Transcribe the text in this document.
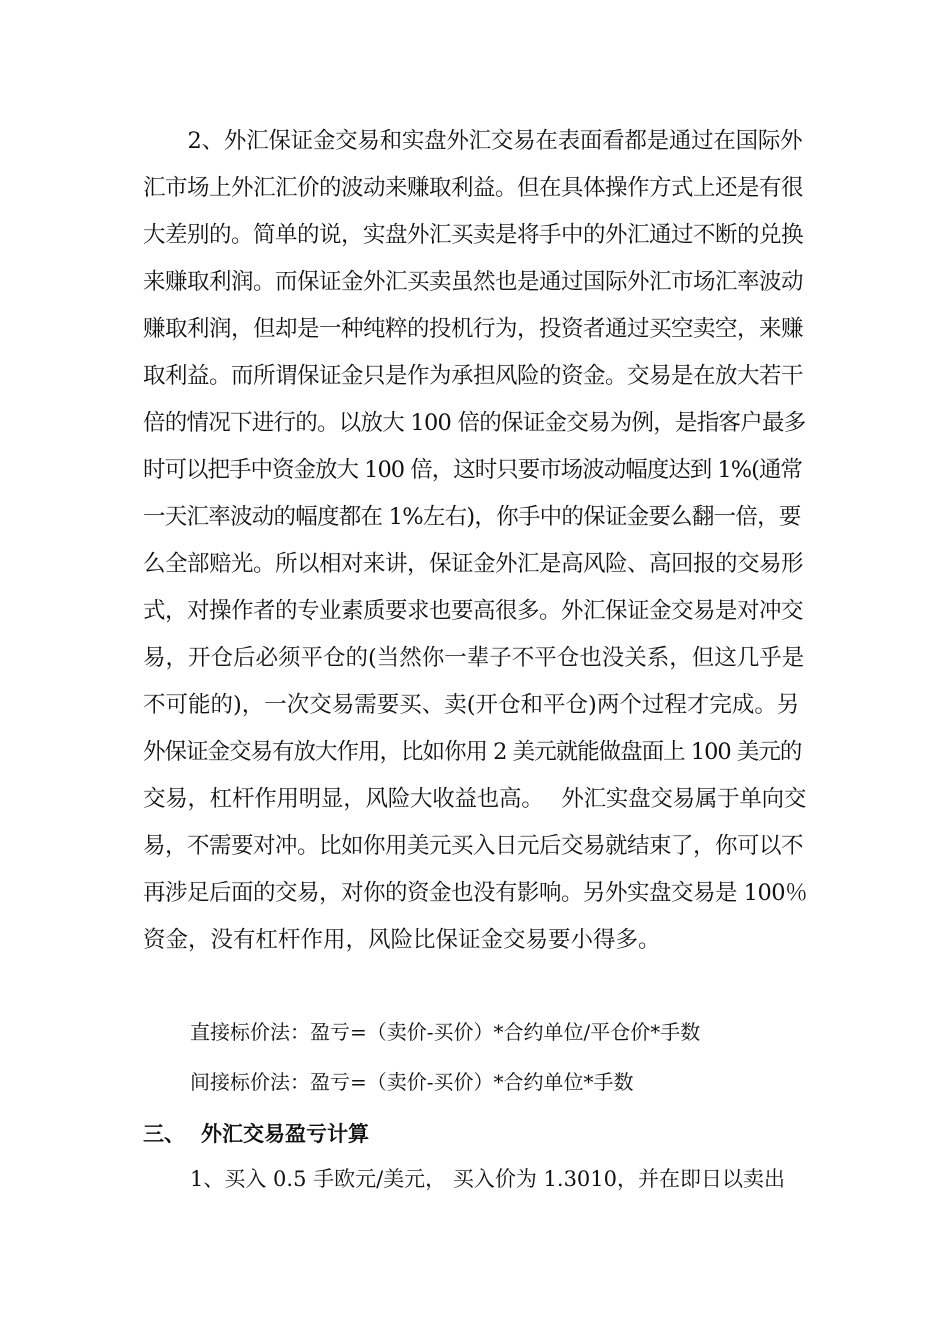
　　2、外汇保证金交易和实盘外汇交易在表面看都是通过在国际外
汇市场上外汇汇价的波动来赚取利益。但在具体操作方式上还是有很
大差别的。简单的说，实盘外汇买卖是将手中的外汇通过不断的兑换
来赚取利润。而保证金外汇买卖虽然也是通过国际外汇市场汇率波动
赚取利润，但却是一种纯粹的投机行为，投资者通过买空卖空，来赚
取利益。而所谓保证金只是作为承担风险的资金。交易是在放大若干
倍的情况下进行的。以放大 100 倍的保证金交易为例，是指客户最多
时可以把手中资金放大 100 倍，这时只要市场波动幅度达到 1%(通常
一天汇率波动的幅度都在 1%左右)，你手中的保证金要么翻一倍，要
么全部赔光。所以相对来讲，保证金外汇是高风险、高回报的交易形
式，对操作者的专业素质要求也要高很多。外汇保证金交易是对冲交
易，开仓后必须平仓的(当然你一辈子不平仓也没关系，但这几乎是
不可能的)，一次交易需要买、卖(开仓和平仓)两个过程才完成。另
外保证金交易有放大作用，比如你用 2 美元就能做盘面上 100 美元的
交易，杠杆作用明显，风险大收益也高。　 外汇实盘交易属于单向交
易，不需要对冲。比如你用美元买入日元后交易就结束了，你可以不
再涉足后面的交易，对你的资金也没有影响。另外实盘交易是 100％
资金，没有杠杆作用，风险比保证金交易要小得多。

直接标价法：盈亏=（卖价-买价）*合约单位/平仓价*手数

间接标价法：盈亏=（卖价-买价）*合约单位*手数

三、 外汇交易盈亏计算

1、买入 0.5 手欧元/美元， 买入价为 1.3010，并在即日以卖出
